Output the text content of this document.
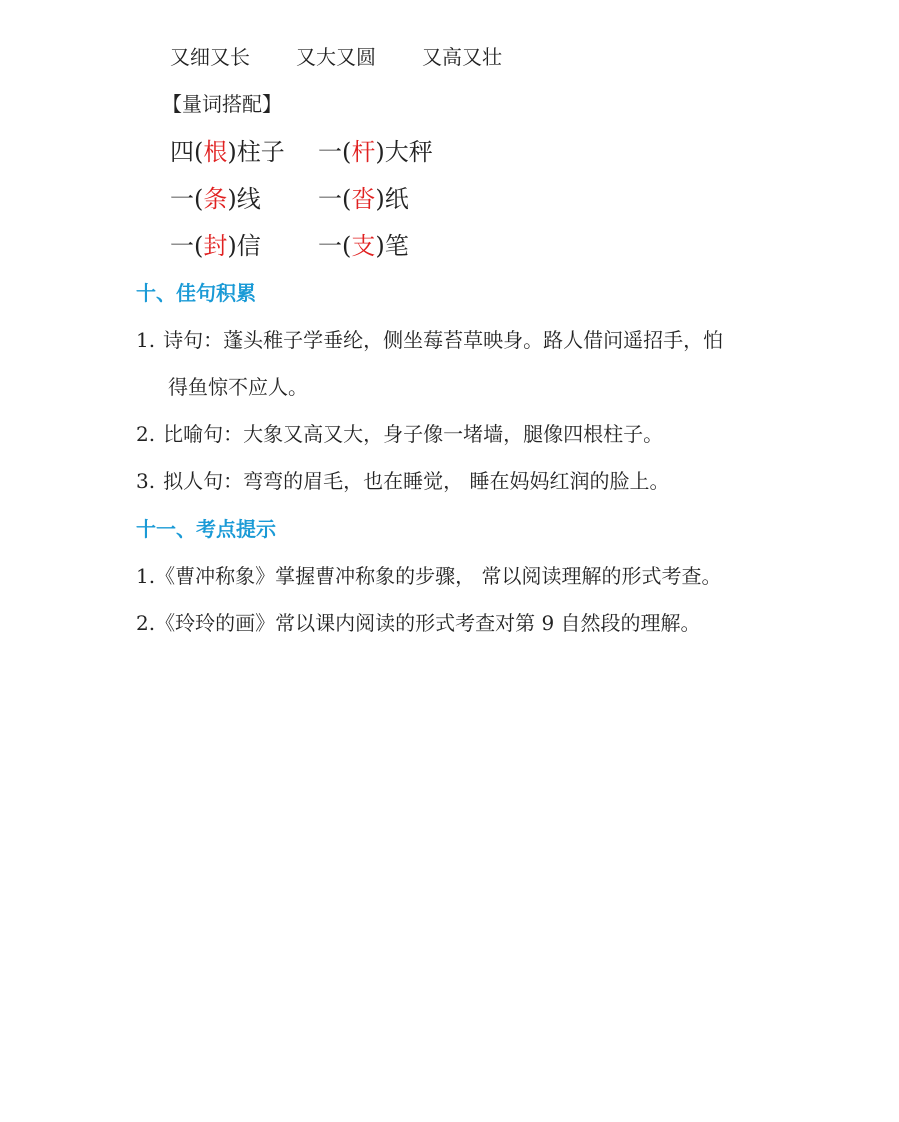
又细又长 又大又圆 又高又壮
【量词搭配】
四(根)柱子 一(杆)大秤
一(条)线 一(沓)纸
一(封)信 一(支)笔
十、佳句积累
1. 诗句：蓬头稚子学垂纶，侧坐莓苔草映身。路人借问遥招手，怕
得鱼惊不应人。
2. 比喻句：大象又高又大，身子像一堵墙，腿像四根柱子。
3. 拟人句：弯弯的眉毛，也在睡觉， 睡在妈妈红润的脸上。
十一、考点提示
1.《曹冲称象》掌握曹冲称象的步骤， 常以阅读理解的形式考查。
2.《玲玲的画》常以课内阅读的形式考查对第 9 自然段的理解。
